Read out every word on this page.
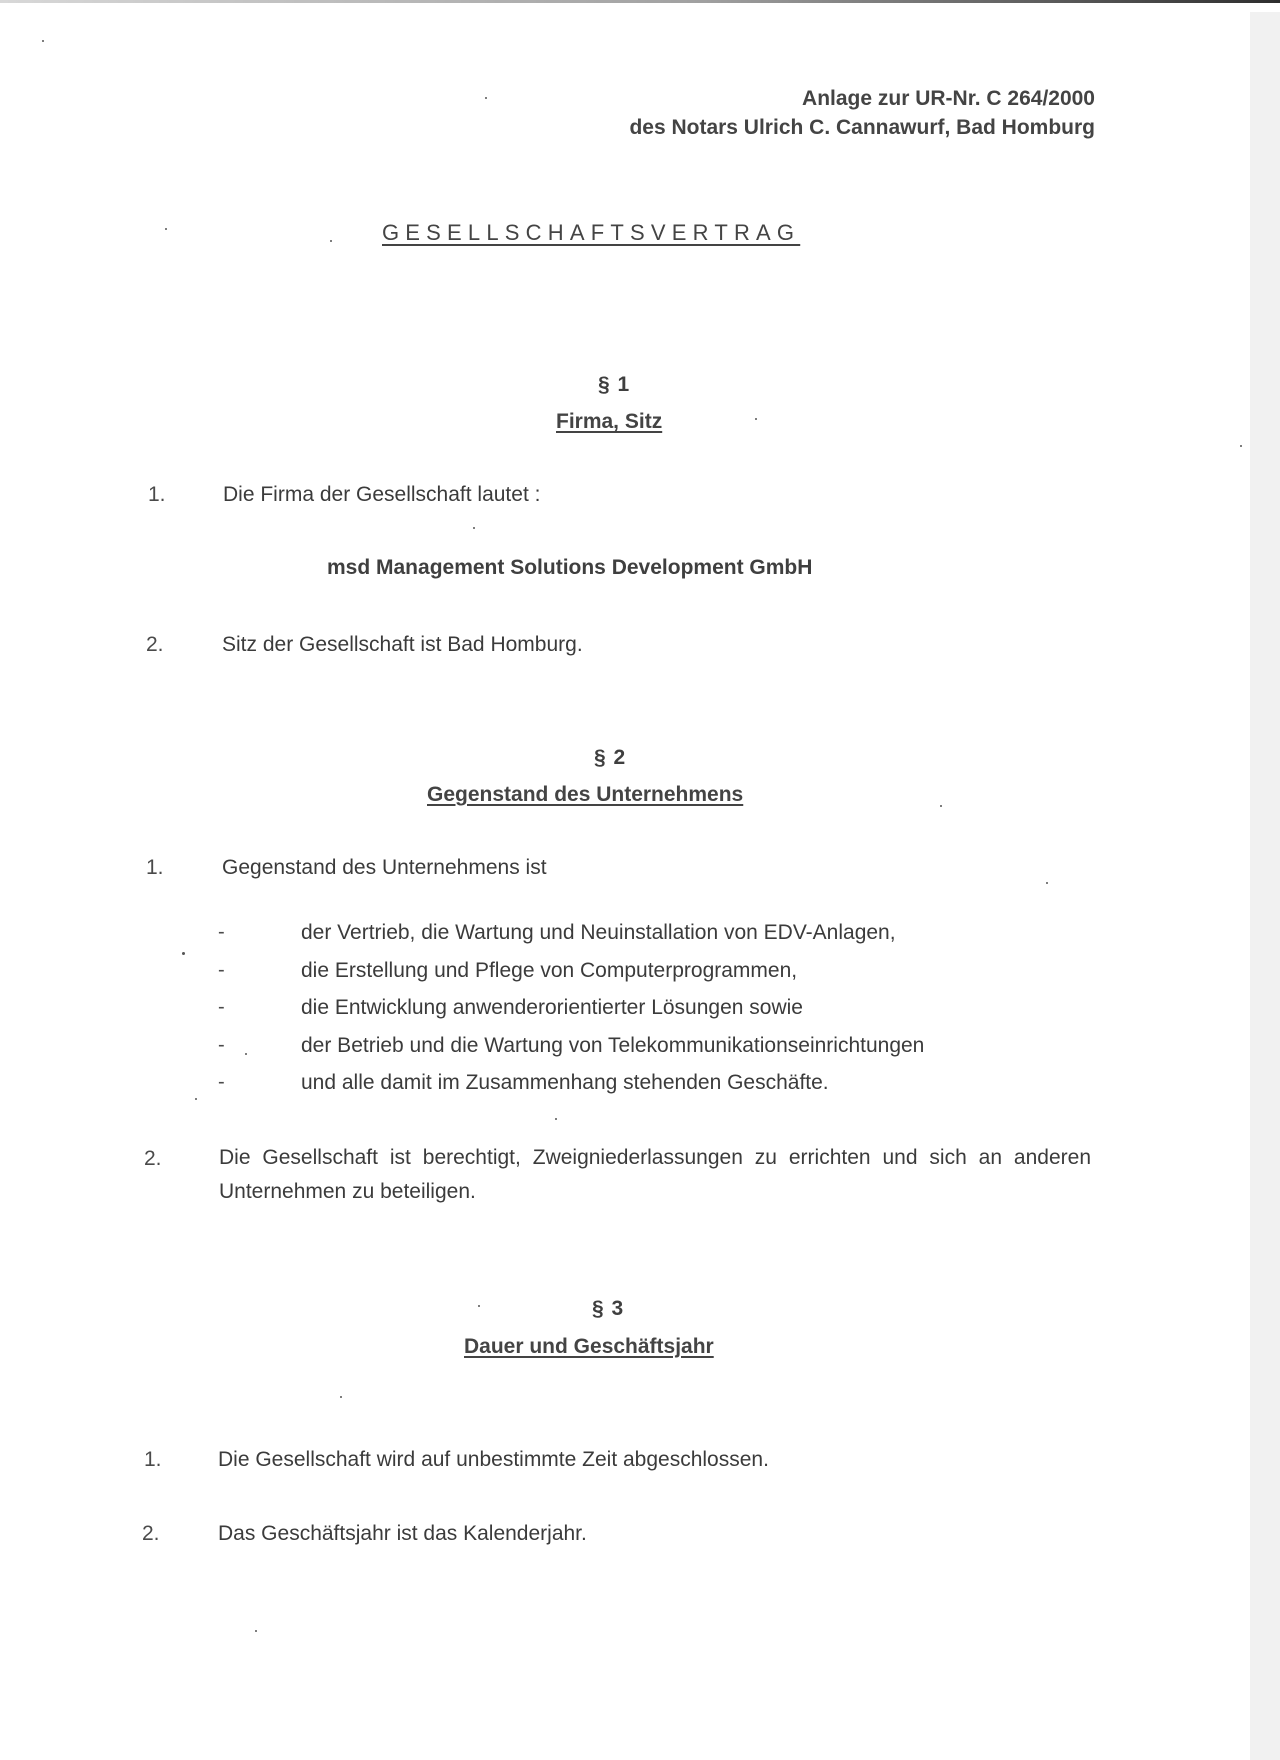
Anlage zur UR-Nr. C 264/2000
des Notars Ulrich C. Cannawurf, Bad Homburg
GESELLSCHAFTSVERTRAG
§ 1
Firma, Sitz
1.	Die Firma der Gesellschaft lautet :
msd Management Solutions Development GmbH
2.	Sitz der Gesellschaft ist Bad Homburg.
§ 2
Gegenstand des Unternehmens
1.	Gegenstand des Unternehmens ist
-	der Vertrieb, die Wartung und Neuinstallation von EDV-Anlagen,
-	die Erstellung und Pflege von Computerprogrammen,
-	die Entwicklung anwenderorientierter Lösungen sowie
-	der Betrieb und die Wartung von Telekommunikationseinrichtungen
-	und alle damit im Zusammenhang stehenden Geschäfte.
2.	Die Gesellschaft ist berechtigt, Zweigniederlassungen zu errichten und sich an anderen Unternehmen zu beteiligen.
§ 3
Dauer und Geschäftsjahr
1.	Die Gesellschaft wird auf unbestimmte Zeit abgeschlossen.
2.	Das Geschäftsjahr ist das Kalenderjahr.
